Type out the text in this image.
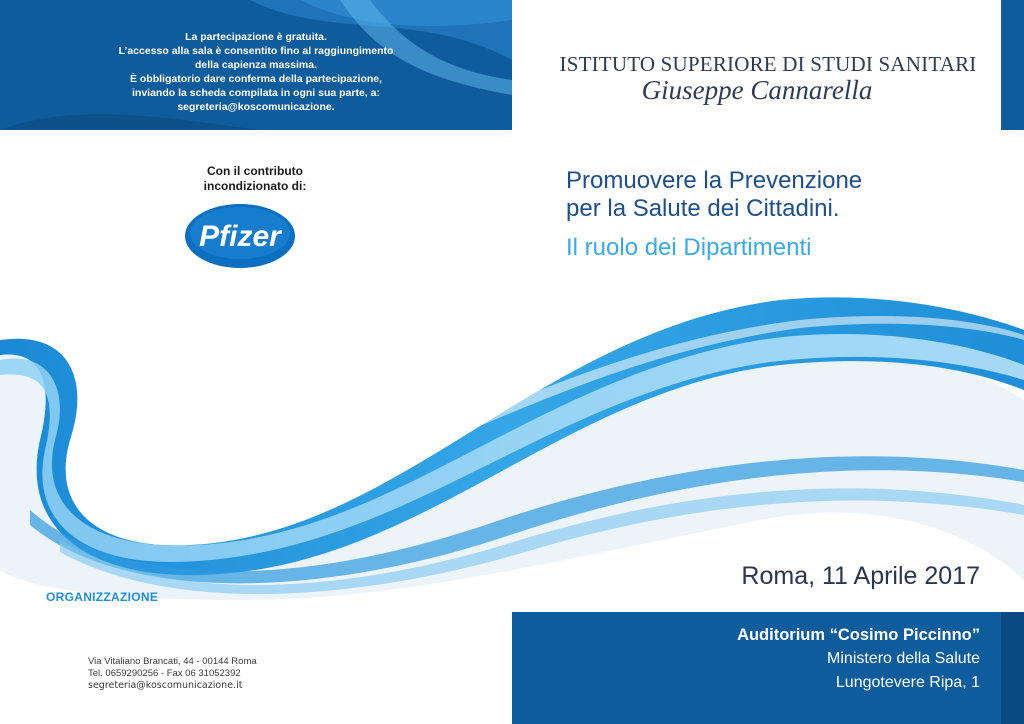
La partecipazione è gratuita.
L’accesso alla sala è consentito fino al raggiungimento
della capienza massima.
È obbligatorio dare conferma della partecipazione,
inviando la scheda compilata in ogni sua parte, a:
segreteria@koscomunicazione.
ISTITUTO SUPERIORE DI STUDI SANITARI
Giuseppe Cannarella
Con il contributo
incondizionato di:
Pfizer
Promuovere la Prevenzione
per la Salute dei Cittadini.
Il ruolo dei Dipartimenti
Roma, 11 Aprile 2017
ORGANIZZAZIONE
Via Vitaliano Brancati, 44 - 00144 Roma
Tel. 0659290256 - Fax 06 31052392
segreteria@koscomunicazione.it
Auditorium “Cosimo Piccinno”
Ministero della Salute
Lungotevere Ripa, 1
